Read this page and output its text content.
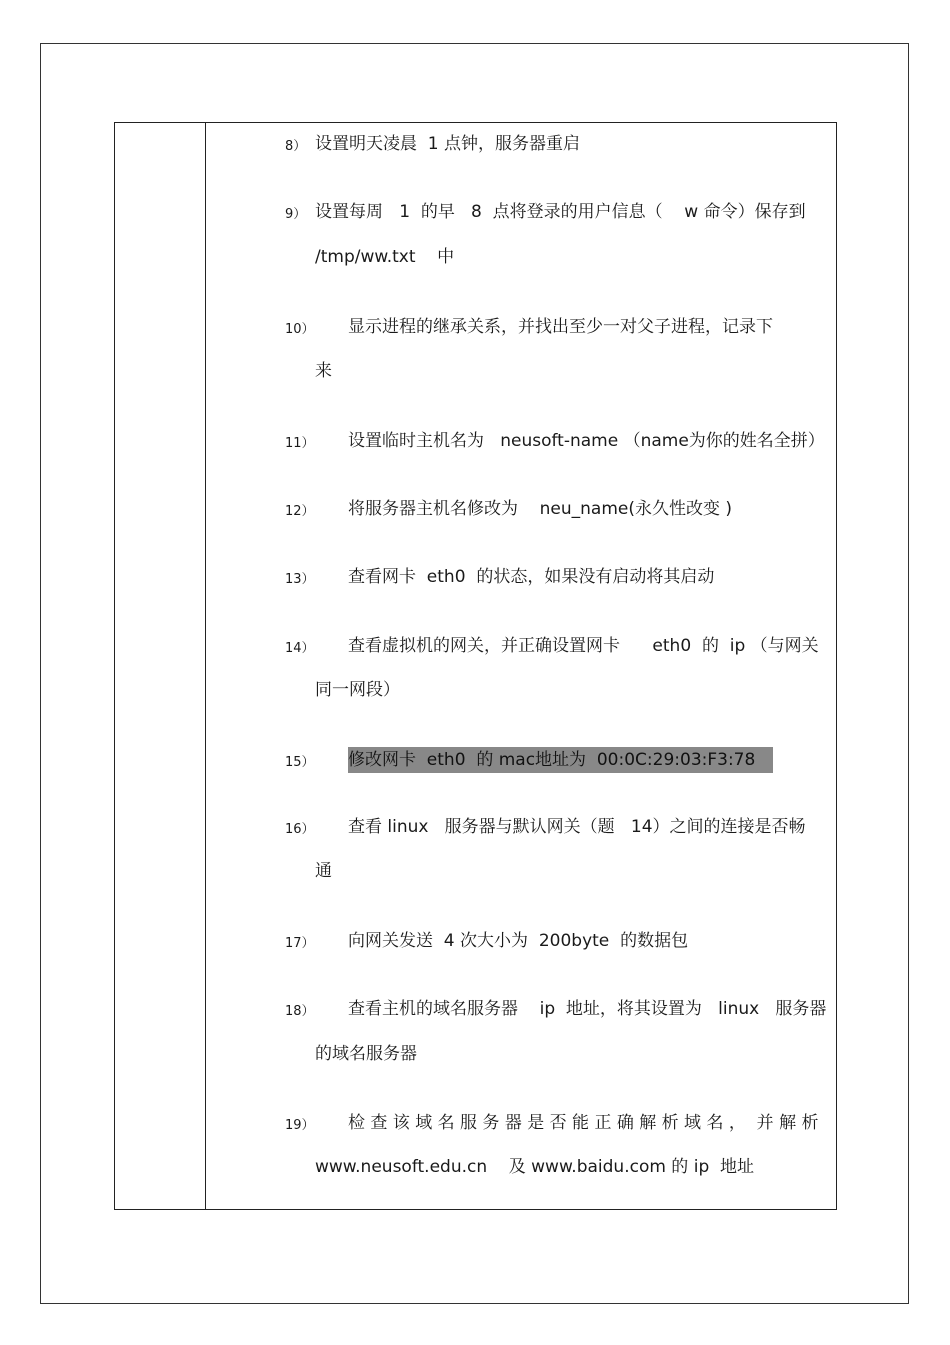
8） 设置明天凌晨  1 点钟，服务器重启
9） 设置每周   1  的早   8  点将登录的用户信息（    w 命令）保存到
/tmp/ww.txt    中
10） 显示进程的继承关系，并找出至少一对父子进程，记录下
来
11） 设置临时主机名为   neusoft-name （name为你的姓名全拼）
12） 将服务器主机名修改为    neu_name(永久性改变 )
13） 查看网卡  eth0  的状态，如果没有启动将其启动
14） 查看虚拟机的网关，并正确设置网卡      eth0  的  ip （与网关
同一网段）
15） 修改网卡  eth0  的 mac地址为  00:0C:29:03:F3:78
16） 查看 linux   服务器与默认网关（题   14）之间的连接是否畅
通
17） 向网关发送  4 次大小为  200byte  的数据包
18） 查看主机的域名服务器    ip  地址，将其设置为   linux   服务器
的域名服务器
19） 检 查 该 域 名 服 务 器 是 否 能 正 确 解 析 域 名 ，  并 解 析
www.neusoft.edu.cn    及 www.baidu.com 的 ip  地址
